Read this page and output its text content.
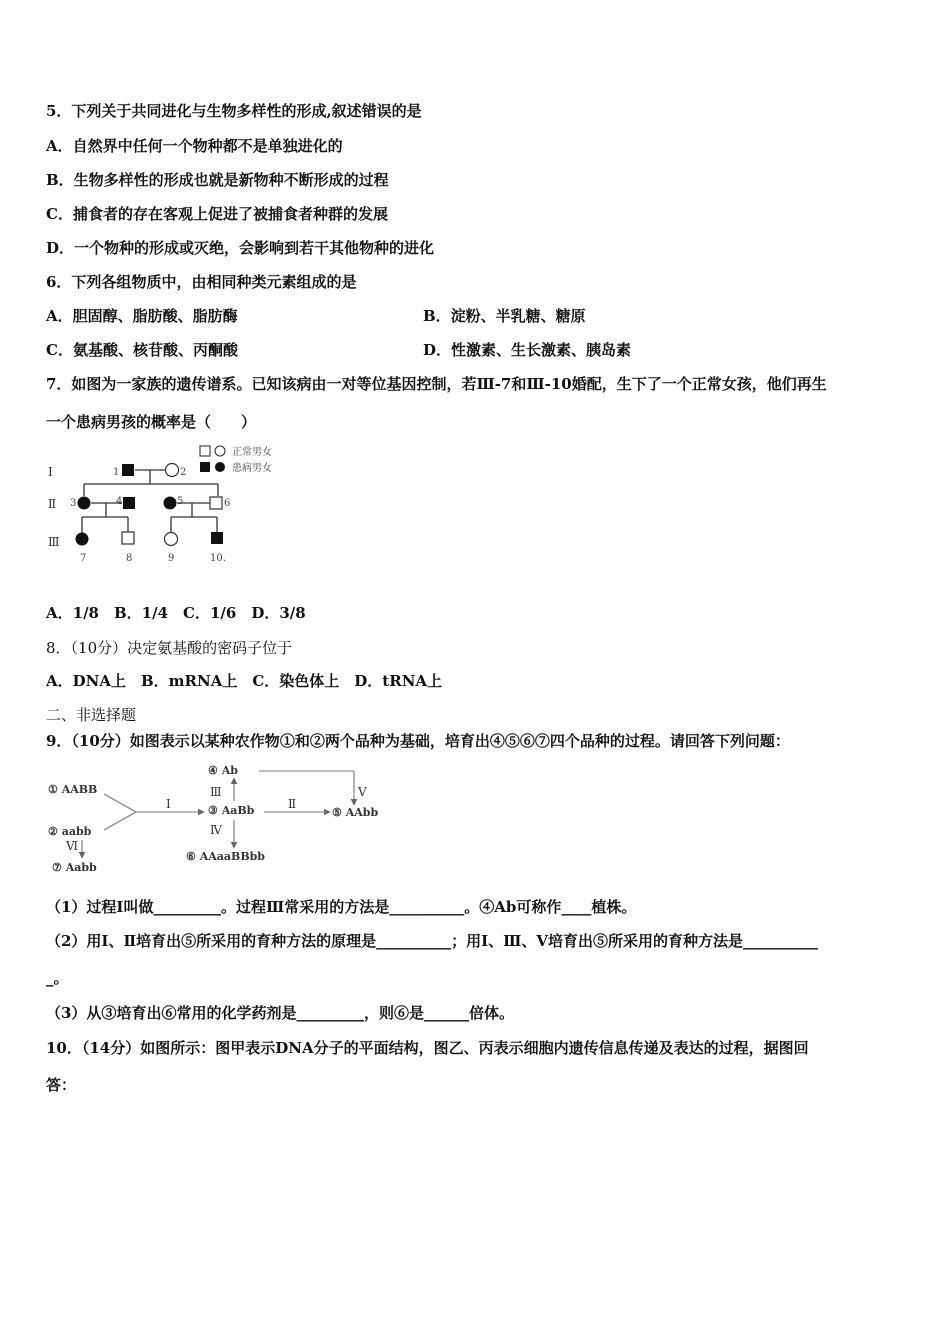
5．下列关于共同进化与生物多样性的形成,叙述错误的是
A．自然界中任何一个物种都不是单独进化的
B．生物多样性的形成也就是新物种不断形成的过程
C．捕食者的存在客观上促进了被捕食者种群的发展
D．一个物种的形成或灭绝，会影响到若干其他物种的进化
6．下列各组物质中，由相同种类元素组成的是
A．胆固醇、脂肪酸、脂肪酶	B．淀粉、半乳糖、糖原
C．氨基酸、核苷酸、丙酮酸	D．性激素、生长激素、胰岛素
7．如图为一家族的遗传谱系。已知该病由一对等位基因控制，若Ⅲ-7和Ⅲ-10婚配，生下了一个正常女孩，他们再生
一个患病男孩的概率是（　　）
正常男女
患病男女
Ⅰ
Ⅱ
Ⅲ
1	2
3	4	5	6
7	8	9	10.
A．1/8　B．1/4　C．1/6　D．3/8
8．（10分）决定氨基酸的密码子位于
A．DNA上　B．mRNA上　C．染色体上　D．tRNA上
二、非选择题
9．（10分）如图表示以某种农作物①和②两个品种为基础，培育出④⑤⑥⑦四个品种的过程。请回答下列问题：
① AABB
② aabb
③ AaBb
④ Ab
⑤ AAbb
⑥ AAaaBBbb
⑦ Aabb
Ⅰ	Ⅱ
Ⅲ
Ⅳ
Ⅴ
Ⅵ
（1）过程Ⅰ叫做_________。过程Ⅲ常采用的方法是__________。④Ab可称作____植株。
（2）用Ⅰ、Ⅱ培育出⑤所采用的育种方法的原理是__________；用Ⅰ、Ⅲ、Ⅴ培育出⑤所采用的育种方法是__________
_。
（3）从③培育出⑥常用的化学药剂是_________，则⑥是______倍体。
10．（14分）如图所示：图甲表示DNA分子的平面结构，图乙、丙表示细胞内遗传信息传递及表达的过程，据图回
答：
